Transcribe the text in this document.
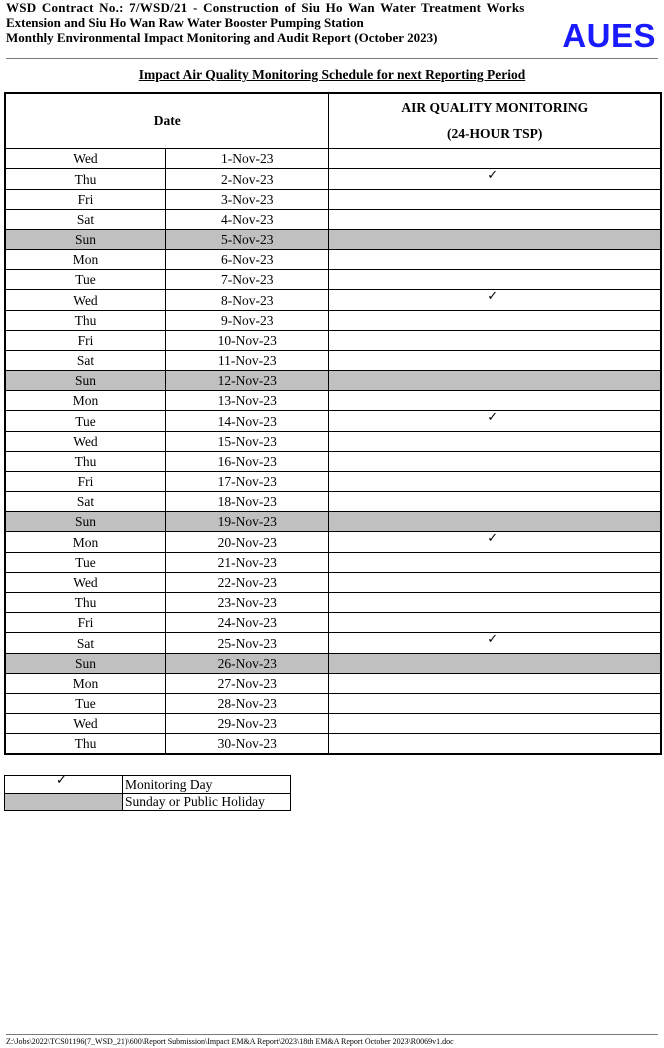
WSD Contract No.: 7/WSD/21 - Construction of Siu Ho Wan Water Treatment Works
Extension and Siu Ho Wan Raw Water Booster Pumping Station
Monthly Environmental Impact Monitoring and Audit Report (October 2023)	AUES
Impact Air Quality Monitoring Schedule for next Reporting Period
Date		AIR QUALITY MONITORING
(24-HOUR TSP)

Wed	1-Nov-23	
Thu	2-Nov-23	✓
Fri	3-Nov-23	
Sat	4-Nov-23	
Sun	5-Nov-23	
Mon	6-Nov-23	
Tue	7-Nov-23	
Wed	8-Nov-23	✓
Thu	9-Nov-23	
Fri	10-Nov-23	
Sat	11-Nov-23	
Sun	12-Nov-23	
Mon	13-Nov-23	
Tue	14-Nov-23	✓
Wed	15-Nov-23	
Thu	16-Nov-23	
Fri	17-Nov-23	
Sat	18-Nov-23	
Sun	19-Nov-23	
Mon	20-Nov-23	✓
Tue	21-Nov-23	
Wed	22-Nov-23	
Thu	23-Nov-23	
Fri	24-Nov-23	
Sat	25-Nov-23	✓
Sun	26-Nov-23	
Mon	27-Nov-23	
Tue	28-Nov-23	
Wed	29-Nov-23	
Thu	30-Nov-23	
✓	Monitoring Day
	Sunday or Public Holiday
Z:\Jobs\2022\TCS01196(7_WSD_21)\600\Report Submission\Impact EM&A Report\2023\18th EM&A Report October 2023\R0069v1.doc
